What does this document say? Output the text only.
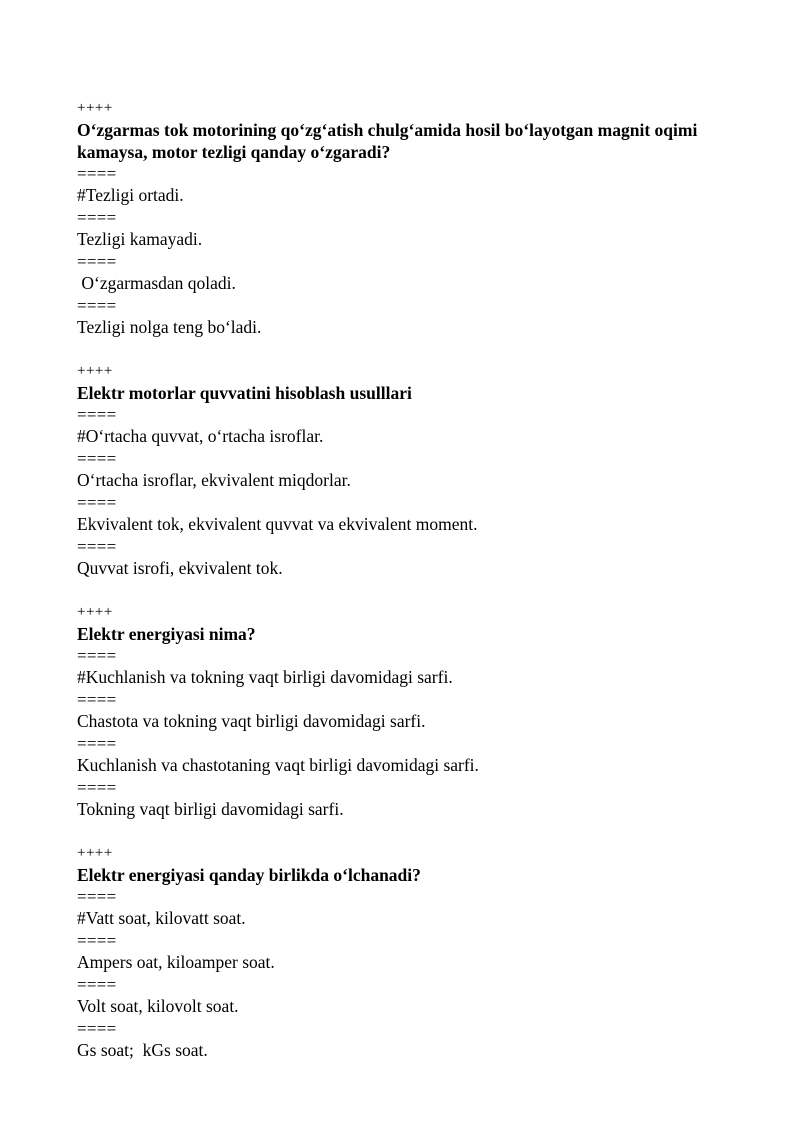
++++
O‘zgarmas tok motorining qo‘zg‘atish chulg‘amida hosil bo‘layotgan magnit oqimi kamaysa, motor tezligi qanday o‘zgaradi?
====
#Tezligi ortadi.
====
Tezligi kamayadi.
====
O‘zgarmasdan qoladi.
====
Tezligi nolga teng bo‘ladi.
++++
Elektr motorlar quvvatini hisoblash usulllari
====
#O‘rtacha quvvat, o‘rtacha isroflar.
====
O‘rtacha isroflar, ekvivalent miqdorlar.
====
Ekvivalent tok, ekvivalent quvvat va ekvivalent moment.
====
Quvvat isrofi, ekvivalent tok.
++++
Elektr energiyasi nima?
====
#Kuchlanish va tokning vaqt birligi davomidagi sarfi.
====
Chastota va tokning vaqt birligi davomidagi sarfi.
====
Kuchlanish va chastotaning vaqt birligi davomidagi sarfi.
====
Tokning vaqt birligi davomidagi sarfi.
++++
Elektr energiyasi qanday birlikda o‘lchanadi?
====
#Vatt soat, kilovatt soat.
====
Ampers oat, kiloamper soat.
====
Volt soat, kilovolt soat.
====
Gs soat;  kGs soat.
